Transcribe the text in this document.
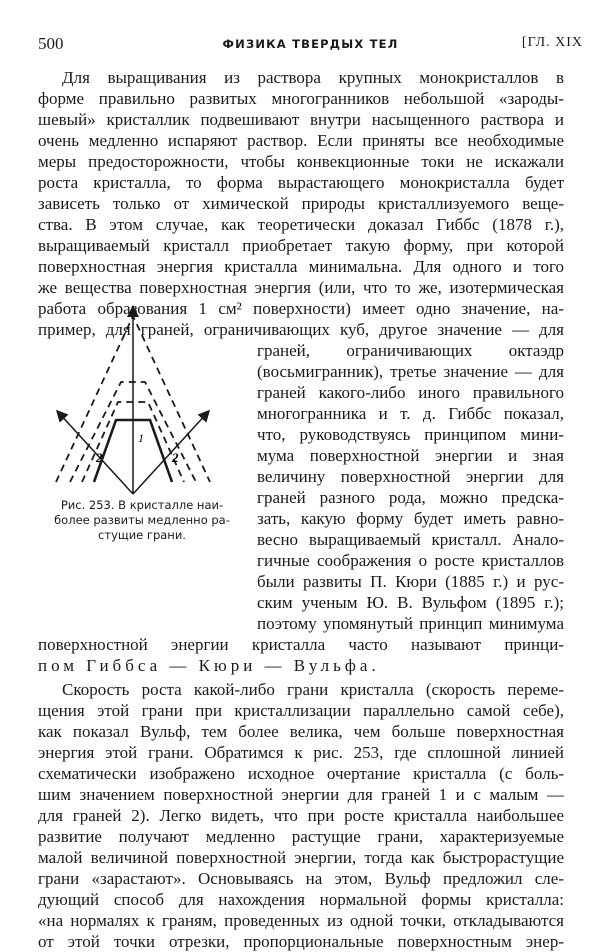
500	ФИЗИКА ТВЕРДЫХ ТЕЛ	[ГЛ. XIX
Для выращивания из раствора крупных монокристаллов в
форме правильно развитых многогранников небольшой «зароды-
шевый» кристаллик подвешивают внутри насыщенного раствора и
очень медленно испаряют раствор. Если приняты все необходимые
меры предосторожности, чтобы конвекционные токи не искажали
роста кристалла, то форма вырастающего монокристалла будет
зависеть только от химической природы кристаллизуемого веще-
ства. В этом случае, как теоретически доказал Гиббс (1878 г.),
выращиваемый кристалл приобретает такую форму, при которой
поверхностная энергия кристалла минимальна. Для одного и того
же вещества поверхностная энергия (или, что то же, изотермическая
работа образования 1 см² поверхности) имеет одно значение, на-
пример, для граней, ограничивающих куб, другое значение — для
граней, ограничивающих октаэдр
(восьмигранник), третье значение — для
граней какого-либо иного правильного
многогранника и т. д. Гиббс показал,
что, руководствуясь принципом мини-
мума поверхностной энергии и зная
величину поверхностной энергии для
граней разного рода, можно предска-
зать, какую форму будет иметь равно-
весно выращиваемый кристалл. Анало-
гичные соображения о росте кристаллов
были развиты П. Кюри (1885 г.) и рус-
ским ученым Ю. В. Вульфом (1895 г.);
поэтому упомянутый принцип минимума
поверхностной энергии кристалла часто называют принци-
пом Гиббса — Кюри — Вульфа.
Скорость роста какой-либо грани кристалла (скорость переме-
щения этой грани при кристаллизации параллельно самой себе),
как показал Вульф, тем более велика, чем больше поверхностная
энергия этой грани. Обратимся к рис. 253, где сплошной линией
схематически изображено исходное очертание кристалла (с боль-
шим значением поверхностной энергии для граней 1 и с малым —
для граней 2). Легко видеть, что при росте кристалла наибольшее
развитие получают медленно растущие грани, характеризуемые
малой величиной поверхностной энергии, тогда как быстрорастущие
грани «зарастают». Основываясь на этом, Вульф предложил сле-
дующий способ для нахождения нормальной формы кристалла:
«на нормалях к граням, проведенных из одной точки, откладываются
от этой точки отрезки, пропорциональные поверхностным энер-
1
2	2
Рис. 253. В кристалле наи-
более развиты медленно ра-
стущие грани.
